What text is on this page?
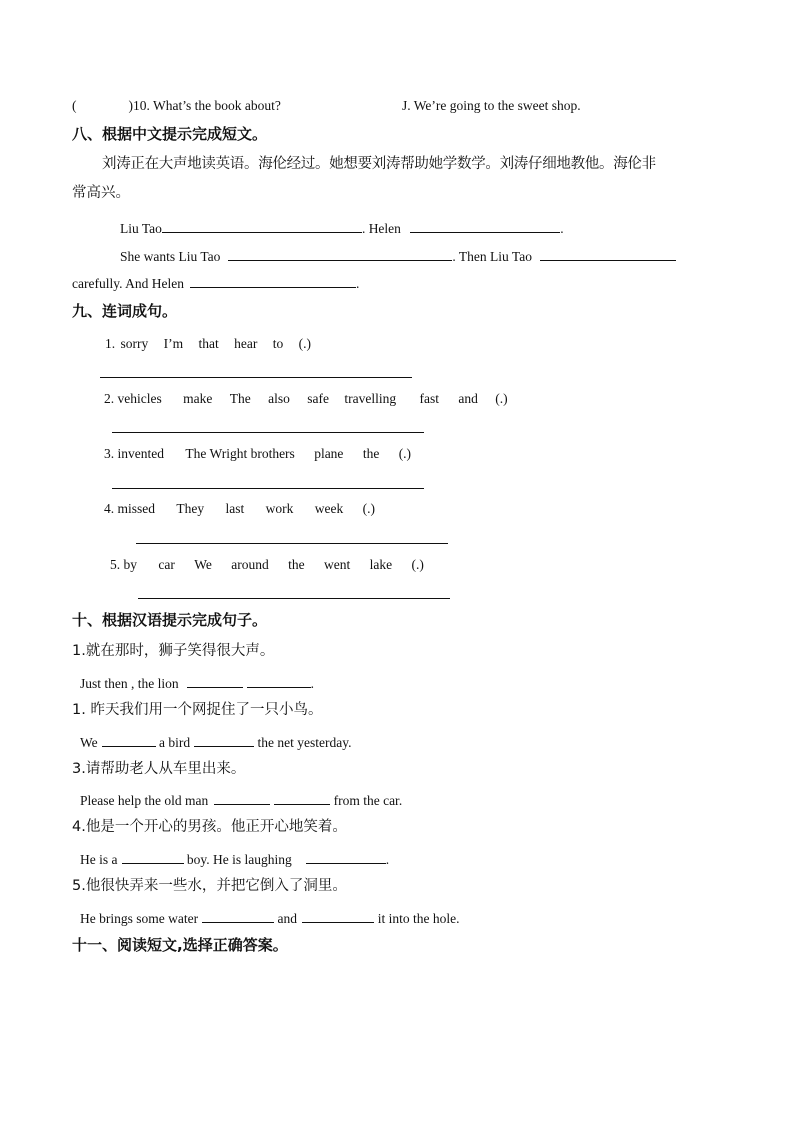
(	)10. What’s the book about?	J. We’re going to the sweet shop.
八、根据中文提示完成短文。
刘涛正在大声地读英语。海伦经过。她想要刘涛帮助她学数学。刘涛仔细地教他。海伦非
常高兴。
Liu Tao	. Helen	.
She wants Liu Tao	. Then Liu Tao
carefully. And Helen	.
九、连词成句。
1. sorry I’m that hear to (.)
2. vehicles make The also safe travelling fast and (.)
3. invented The Wright brothers plane the (.)
4. missed They last work week (.)
5. by car We around the went lake (.)
十、根据汉语提示完成句子。
1.就在那时，狮子笑得很大声。
Just then , the lion	.
1. 昨天我们用一个网捉住了一只小鸟。
We	a bird	the net yesterday.
3.请帮助老人从车里出来。
Please help the old man	from the car.
4.他是一个开心的男孩。他正开心地笑着。
He is a	boy. He is laughing	.
5.他很快弄来一些水，并把它倒入了洞里。
He brings some water	and	it into the hole.
十一、阅读短文,选择正确答案。
